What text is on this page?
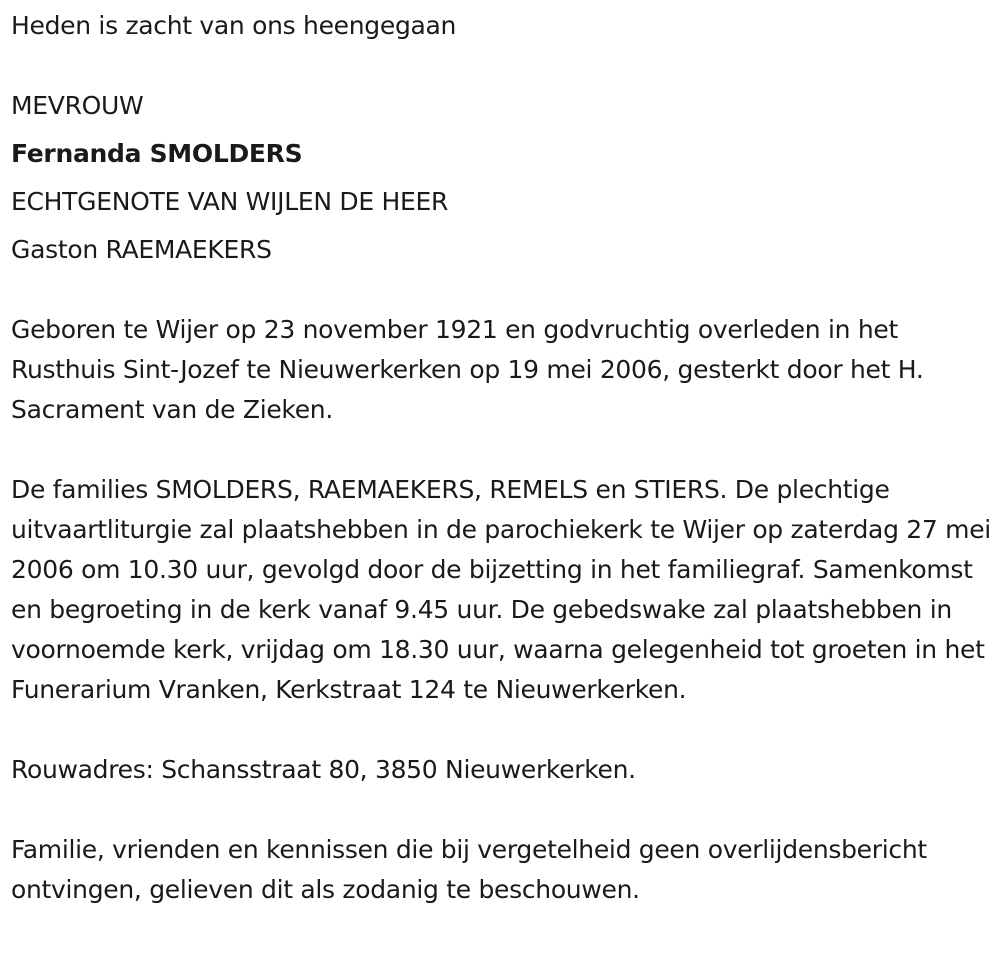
Heden is zacht van ons heengegaan

MEVROUW

Fernanda SMOLDERS

ECHTGENOTE VAN WIJLEN DE HEER

Gaston RAEMAEKERS

Geboren te Wijer op 23 november 1921 en godvruchtig overleden in het Rusthuis Sint-Jozef te Nieuwerkerken op 19 mei 2006, gesterkt door het H. Sacrament van de Zieken.

De families SMOLDERS, RAEMAEKERS, REMELS en STIERS. De plechtige uitvaartliturgie zal plaatshebben in de parochiekerk te Wijer op zaterdag 27 mei 2006 om 10.30 uur, gevolgd door de bijzetting in het familiegraf. Samenkomst en begroeting in de kerk vanaf 9.45 uur. De gebedswake zal plaatshebben in voornoemde kerk, vrijdag om 18.30 uur, waarna gelegenheid tot groeten in het Funerarium Vranken, Kerkstraat 124 te Nieuwerkerken.

Rouwadres: Schansstraat 80, 3850 Nieuwerkerken.

Familie, vrienden en kennissen die bij vergetelheid geen overlijdensbericht ontvingen, gelieven dit als zodanig te beschouwen.
